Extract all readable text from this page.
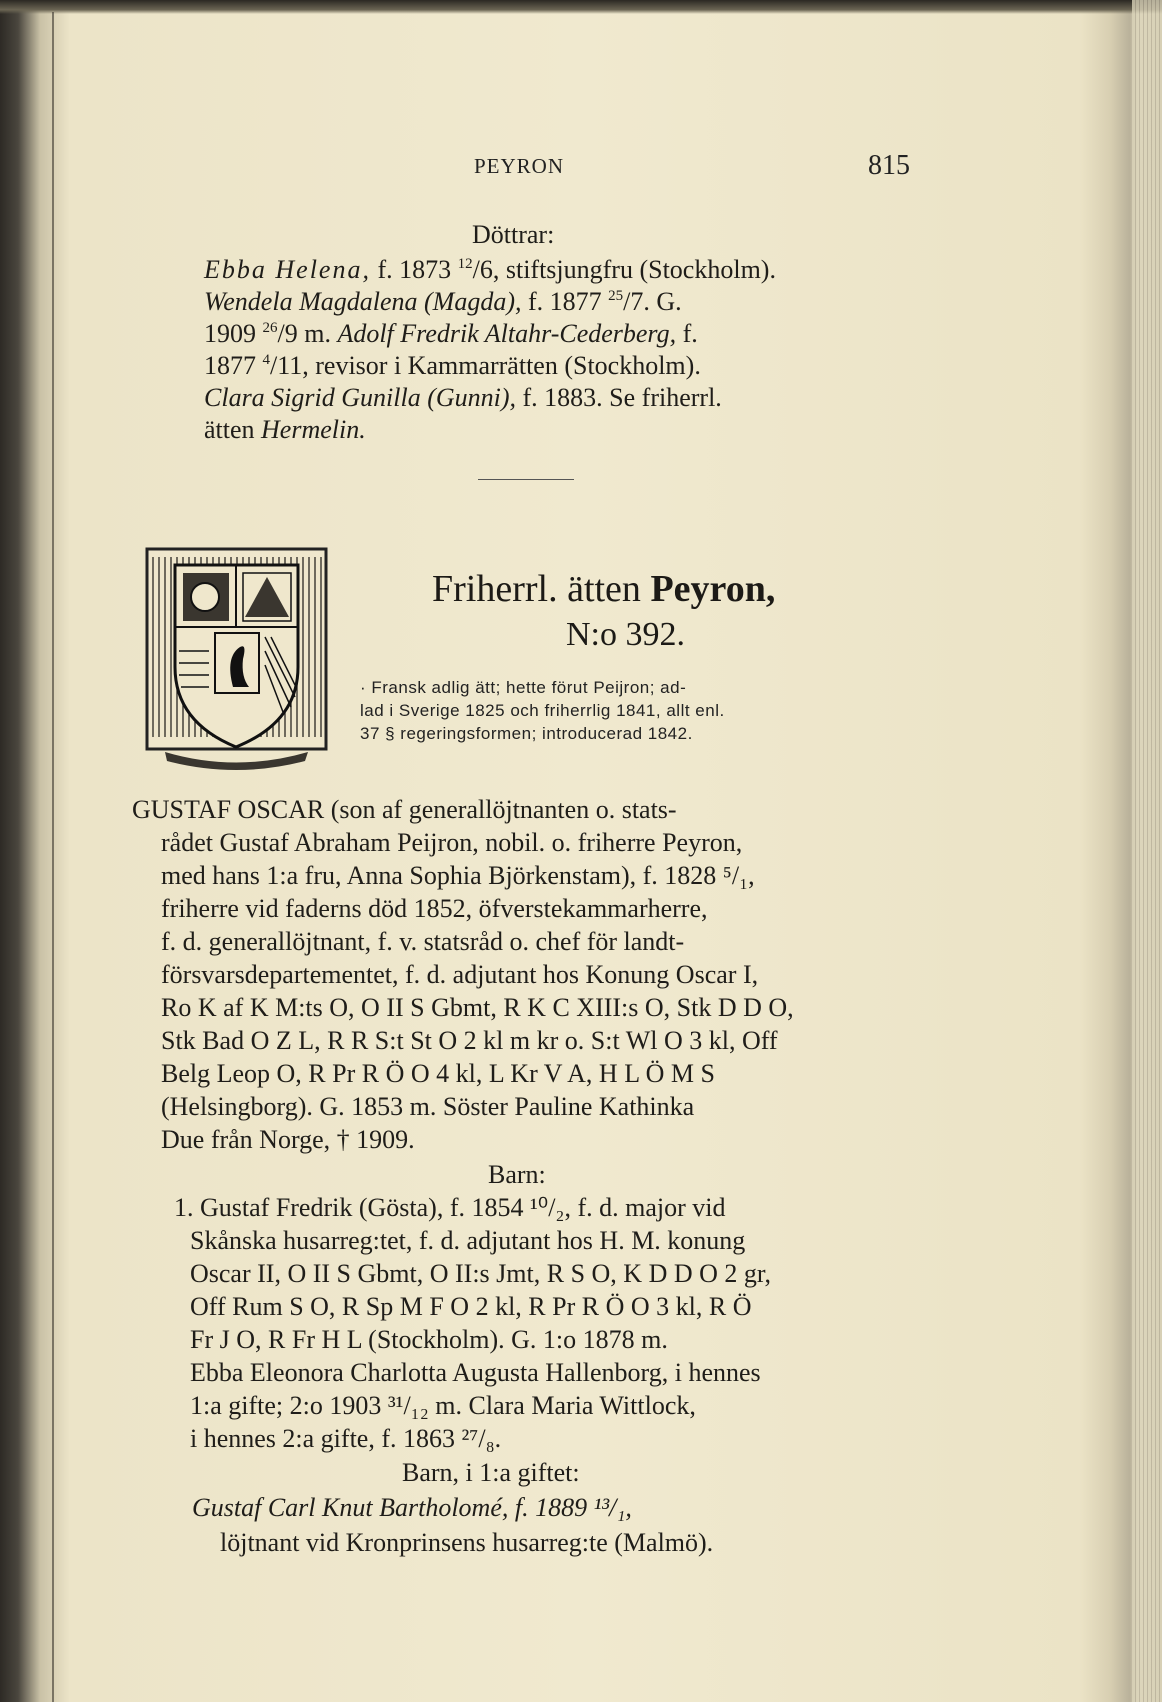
PEYRON	815
Döttrar:
Ebba Helena, f. 1873 $^{12}$/6, stiftsjungfru (Stockholm).
Wendela Magdalena (Magda), f. 1877 $^{25}$/7. G.
1909 $^{26}$/9 m. Adolf Fredrik Altahr-Cederberg, f.
1877 $^4$/11, revisor i Kammarrätten (Stockholm).
Clara Sigrid Gunilla (Gunni), f. 1883. Se friherrl.
ätten Hermelin.
Friherrl. ätten Peyron,
N:o 392.
· Fransk adlig ätt; hette förut Peijron; ad-
lad i Sverige 1825 och friherrlig 1841, allt enl.
37 § regeringsformen; introducerad 1842.
GUSTAF OSCAR (son af generallöjtnanten o. stats-
rådet Gustaf Abraham Peijron, nobil. o. friherre Peyron,
med hans 1:a fru, Anna Sophia Björkenstam), f. 1828 ⁵/₁,
friherre vid faderns död 1852, öfverstekammarherre,
f. d. generallöjtnant, f. v. statsråd o. chef för landt-
försvarsdepartementet, f. d. adjutant hos Konung Oscar I,
Ro K af K M:ts O, O II S Gbmt, R K C XIII:s O, Stk D D O,
Stk Bad O Z L, R R S:t St O 2 kl m kr o. S:t Wl O 3 kl, Off
Belg Leop O, R Pr R Ö O 4 kl, L Kr V A, H L Ö M S
(Helsingborg). G. 1853 m. Söster Pauline Kathinka
Due från Norge, † 1909.
Barn:
1. Gustaf Fredrik (Gösta), f. 1854 ¹⁰/₂, f. d. major vid
Skånska husarreg:tet, f. d. adjutant hos H. M. konung
Oscar II, O II S Gbmt, O II:s Jmt, R S O, K D D O 2 gr,
Off Rum S O, R Sp M F O 2 kl, R Pr R Ö O 3 kl, R Ö
Fr J O, R Fr H L (Stockholm). G. 1:o 1878 m.
Ebba Eleonora Charlotta Augusta Hallenborg, i hennes
1:a gifte; 2:o 1903 ³¹/₁₂ m. Clara Maria Wittlock,
i hennes 2:a gifte, f. 1863 ²⁷/₈.
Barn, i 1:a giftet:
Gustaf Carl Knut Bartholomé, f. 1889 ¹³/₁,
löjtnant vid Kronprinsens husarreg:te (Malmö).
